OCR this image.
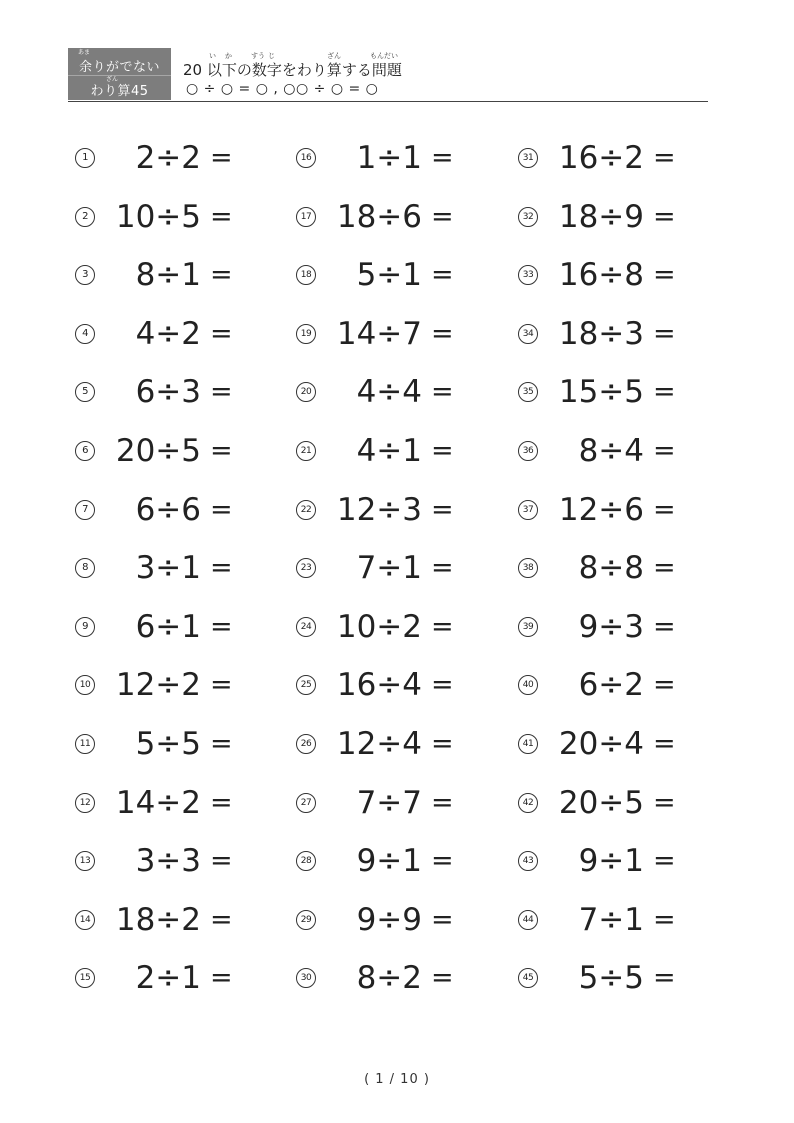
あま
余りがでない
ざん
わり算45
い か	すう じ	ざん	もんだい
20 以下の数字をわり算する問題
○ ÷ ○ = ○ , ○○ ÷ ○ = ○
1	2÷2 =
2 10÷5 =
3	8÷1 =
4	4÷2 =
5	6÷3 =
6 20÷5 =
7	6÷6 =
8	3÷1 =
9	6÷1 =
10 12÷2 =
11	5÷5 =
12 14÷2 =
13	3÷3 =
14 18÷2 =
15	2÷1 =
16	1÷1 =
17 18÷6 =
18	5÷1 =
19 14÷7 =
20	4÷4 =
21	4÷1 =
22 12÷3 =
23	7÷1 =
24 10÷2 =
25 16÷4 =
26 12÷4 =
27	7÷7 =
28	9÷1 =
29	9÷9 =
30	8÷2 =
31 16÷2 =
32 18÷9 =
33 16÷8 =
34 18÷3 =
35 15÷5 =
36	8÷4 =
37 12÷6 =
38	8÷8 =
39	9÷3 =
40	6÷2 =
41 20÷4 =
42 20÷5 =
43	9÷1 =
44	7÷1 =
45	5÷5 =
( 1 / 10 )
